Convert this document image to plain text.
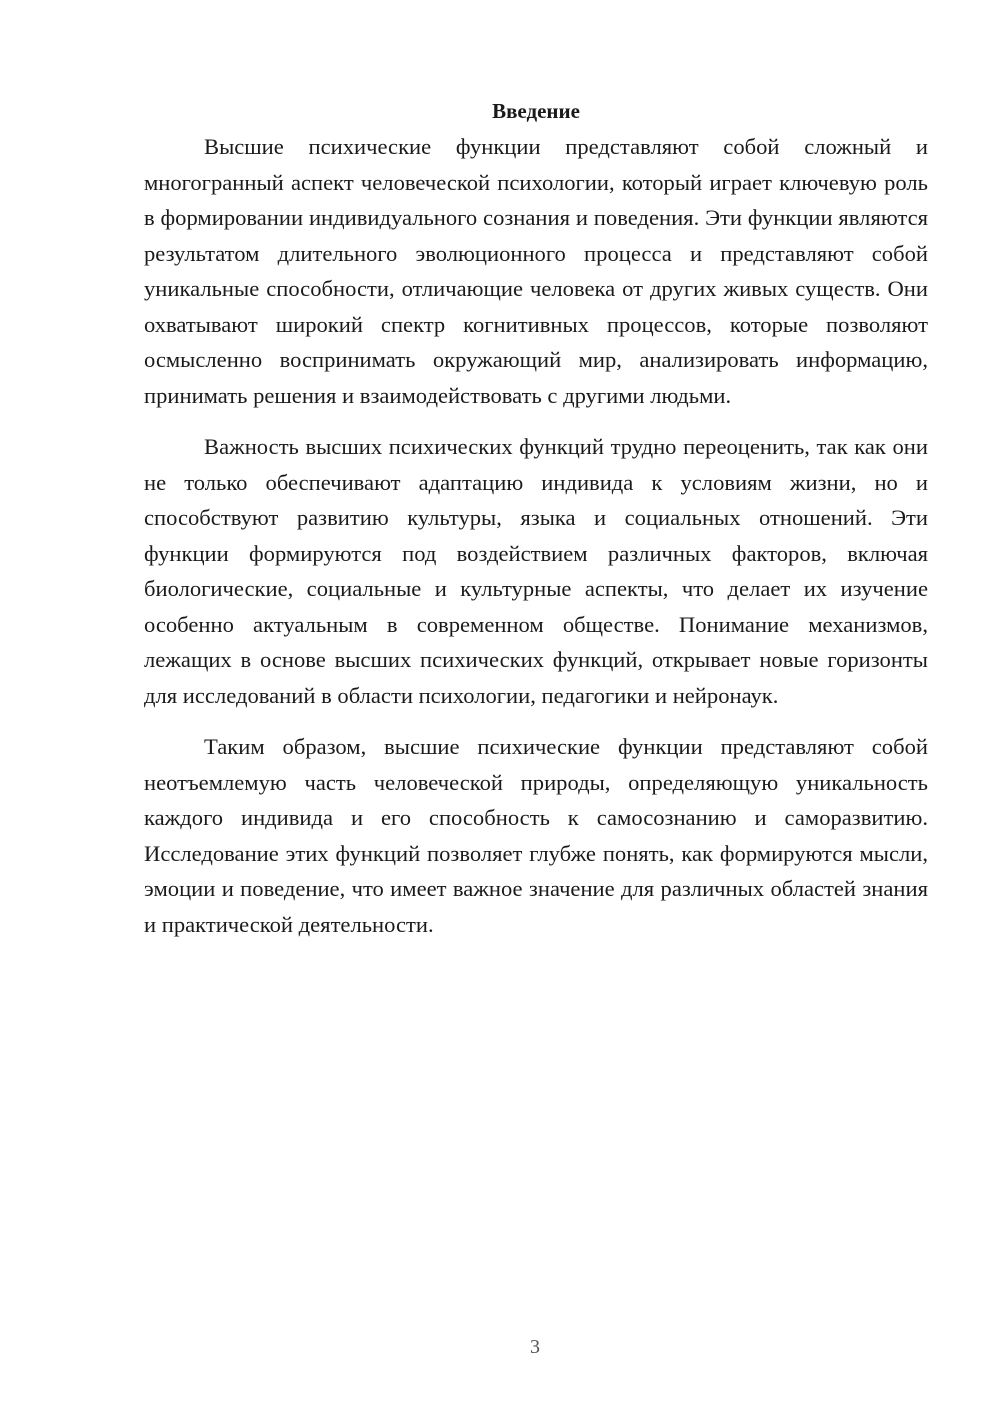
Введение

Высшие психические функции представляют собой сложный и многогранный аспект человеческой психологии, который играет ключевую роль в формировании индивидуального сознания и поведения. Эти функции являются результатом длительного эволюционного процесса и представляют собой уникальные способности, отличающие человека от других живых существ. Они охватывают широкий спектр когнитивных процессов, которые позволяют осмысленно воспринимать окружающий мир, анализировать информацию, принимать решения и взаимодействовать с другими людьми.

Важность высших психических функций трудно переоценить, так как они не только обеспечивают адаптацию индивида к условиям жизни, но и способствуют развитию культуры, языка и социальных отношений. Эти функции формируются под воздействием различных факторов, включая биологические, социальные и культурные аспекты, что делает их изучение особенно актуальным в современном обществе. Понимание механизмов, лежащих в основе высших психических функций, открывает новые горизонты для исследований в области психологии, педагогики и нейронаук.

Таким образом, высшие психические функции представляют собой неотъемлемую часть человеческой природы, определяющую уникальность каждого индивида и его способность к самосознанию и саморазвитию. Исследование этих функций позволяет глубже понять, как формируются мысли, эмоции и поведение, что имеет важное значение для различных областей знания и практической деятельности.

3
